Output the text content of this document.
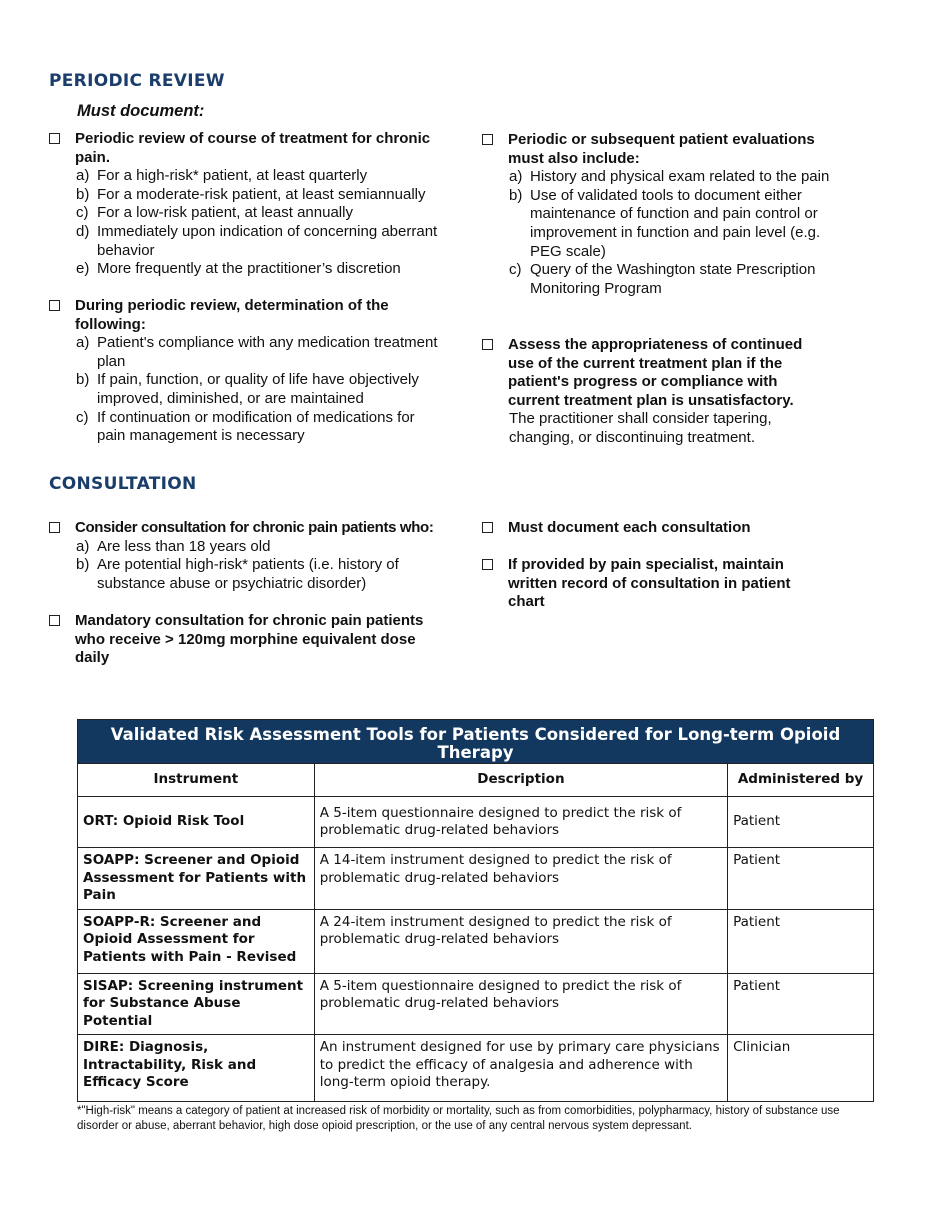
PERIODIC REVIEW
Must document:
Periodic review of course of treatment for chronic pain.
a) For a high-risk* patient, at least quarterly
b) For a moderate-risk patient, at least semiannually
c) For a low-risk patient, at least annually
d) Immediately upon indication of concerning aberrant behavior
e) More frequently at the practitioner’s discretion
During periodic review, determination of the following:
a) Patient's compliance with any medication treatment plan
b) If pain, function, or quality of life have objectively improved, diminished, or are maintained
c) If continuation or modification of medications for pain management is necessary
Periodic or subsequent patient evaluations must also include:
a) History and physical exam related to the pain
b) Use of validated tools to document either maintenance of function and pain control or improvement in function and pain level (e.g. PEG scale)
c) Query of the Washington state Prescription Monitoring Program
Assess the appropriateness of continued use of the current treatment plan if the patient's progress or compliance with current treatment plan is unsatisfactory.
The practitioner shall consider tapering, changing, or discontinuing treatment.
CONSULTATION
Consider consultation for chronic pain patients who:
a) Are less than 18 years old
b) Are potential high-risk* patients (i.e. history of substance abuse or psychiatric disorder)
Mandatory consultation for chronic pain patients who receive > 120mg morphine equivalent dose daily
Must document each consultation
If provided by pain specialist, maintain written record of consultation in patient chart
Validated Risk Assessment Tools for Patients Considered for Long-term Opioid Therapy		
Instrument	Description	Administered by
ORT: Opioid Risk Tool	A 5-item questionnaire designed to predict the risk of problematic drug-related behaviors	Patient
SOAPP: Screener and Opioid Assessment for Patients with Pain	A 14-item instrument designed to predict the risk of problematic drug-related behaviors	Patient
SOAPP-R: Screener and Opioid Assessment for Patients with Pain - Revised	A 24-item instrument designed to predict the risk of problematic drug-related behaviors	Patient
SISAP: Screening instrument for Substance Abuse Potential	A 5-item questionnaire designed to predict the risk of problematic drug-related behaviors	Patient
DIRE: Diagnosis, Intractability, Risk and Efficacy Score	An instrument designed for use by primary care physicians to predict the efficacy of analgesia and adherence with long-term opioid therapy.	Clinician
*"High-risk" means a category of patient at increased risk of morbidity or mortality, such as from comorbidities, polypharmacy, history of substance use disorder or abuse, aberrant behavior, high dose opioid prescription, or the use of any central nervous system depressant.
